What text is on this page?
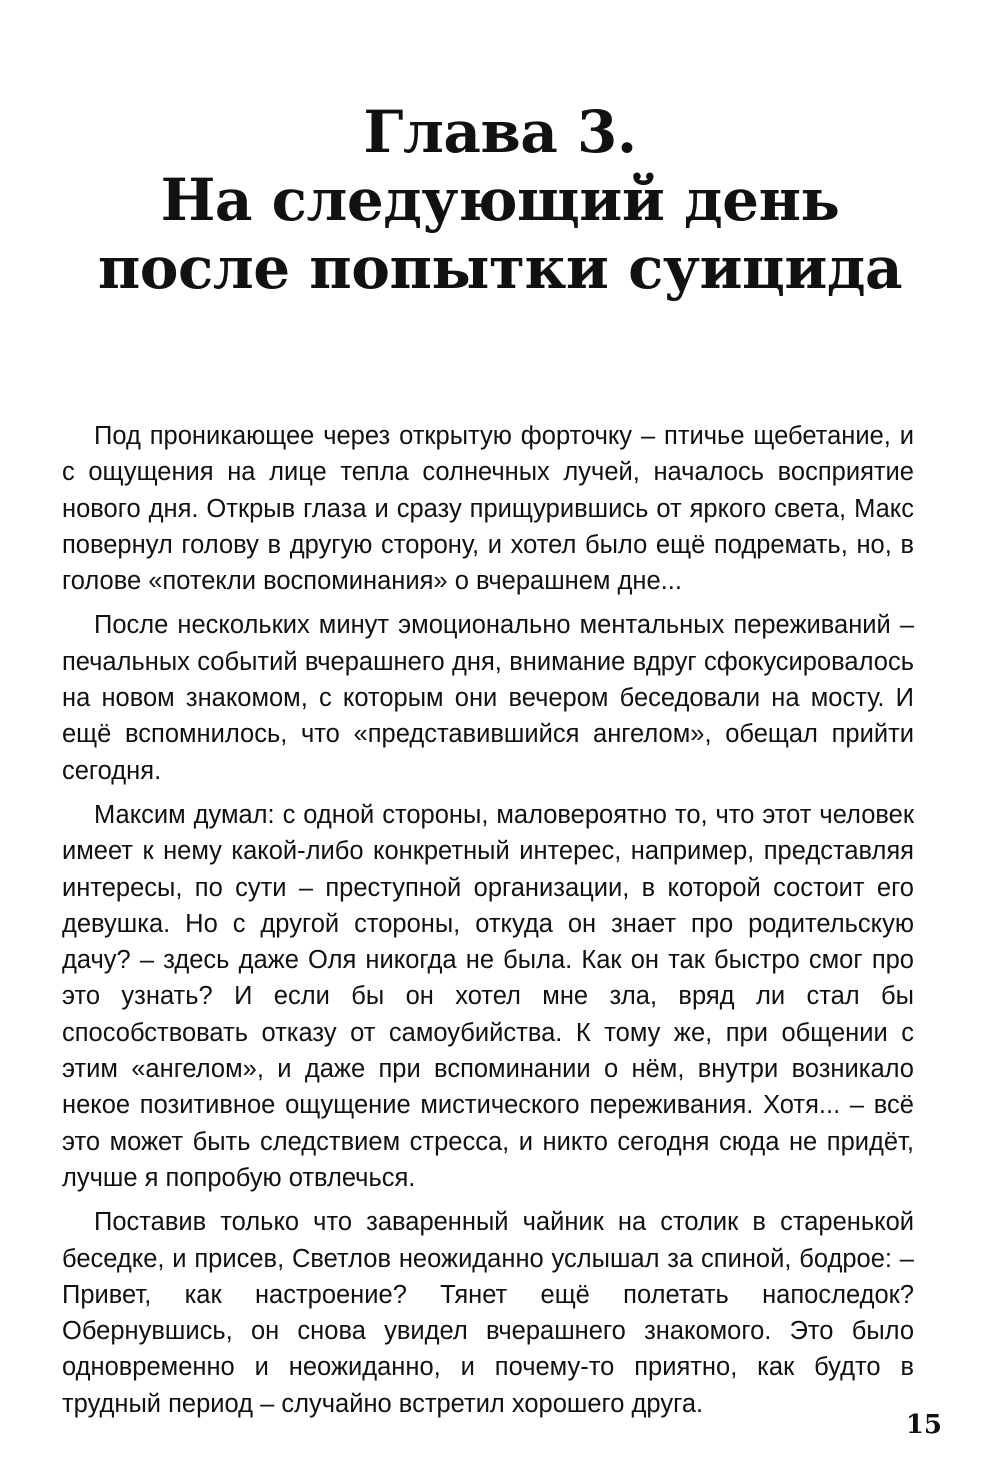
Глава 3.
На следующий день
после попытки суицида

Под проникающее через открытую форточку – птичье щебетание, и с ощущения на лице тепла солнечных лучей, началось восприятие нового дня. Открыв глаза и сразу прищурившись от яркого света, Макс повернул голову в другую сторону, и хотел было ещё подремать, но, в голове «потекли воспоминания» о вчерашнем дне...

После нескольких минут эмоционально ментальных переживаний – печальных событий вчерашнего дня, внимание вдруг сфокусировалось на новом знакомом, с которым они вечером беседовали на мосту. И ещё вспомнилось, что «представившийся ангелом», обещал прийти сегодня.

Максим думал: с одной стороны, маловероятно то, что этот человек имеет к нему какой-либо конкретный интерес, например, представляя интересы, по сути – преступной организации, в которой состоит его девушка. Но с другой стороны, откуда он знает про родительскую дачу? – здесь даже Оля никогда не была. Как он так быстро смог про это узнать? И если бы он хотел мне зла, вряд ли стал бы способствовать отказу от самоубийства. К тому же, при общении с этим «ангелом», и даже при вспоминании о нём, внутри возникало некое позитивное ощущение мистического переживания. Хотя... – всё это может быть следствием стресса, и никто сегодня сюда не придёт, лучше я попробую отвлечься.

Поставив только что заваренный чайник на столик в старенькой беседке, и присев, Светлов неожиданно услышал за спиной, бодрое: – Привет, как настроение? Тянет ещё полетать напоследок? Обернувшись, он снова увидел вчерашнего знакомого. Это было одновременно и неожиданно, и почему-то приятно, как будто в трудный период – случайно встретил хорошего друга.

15
